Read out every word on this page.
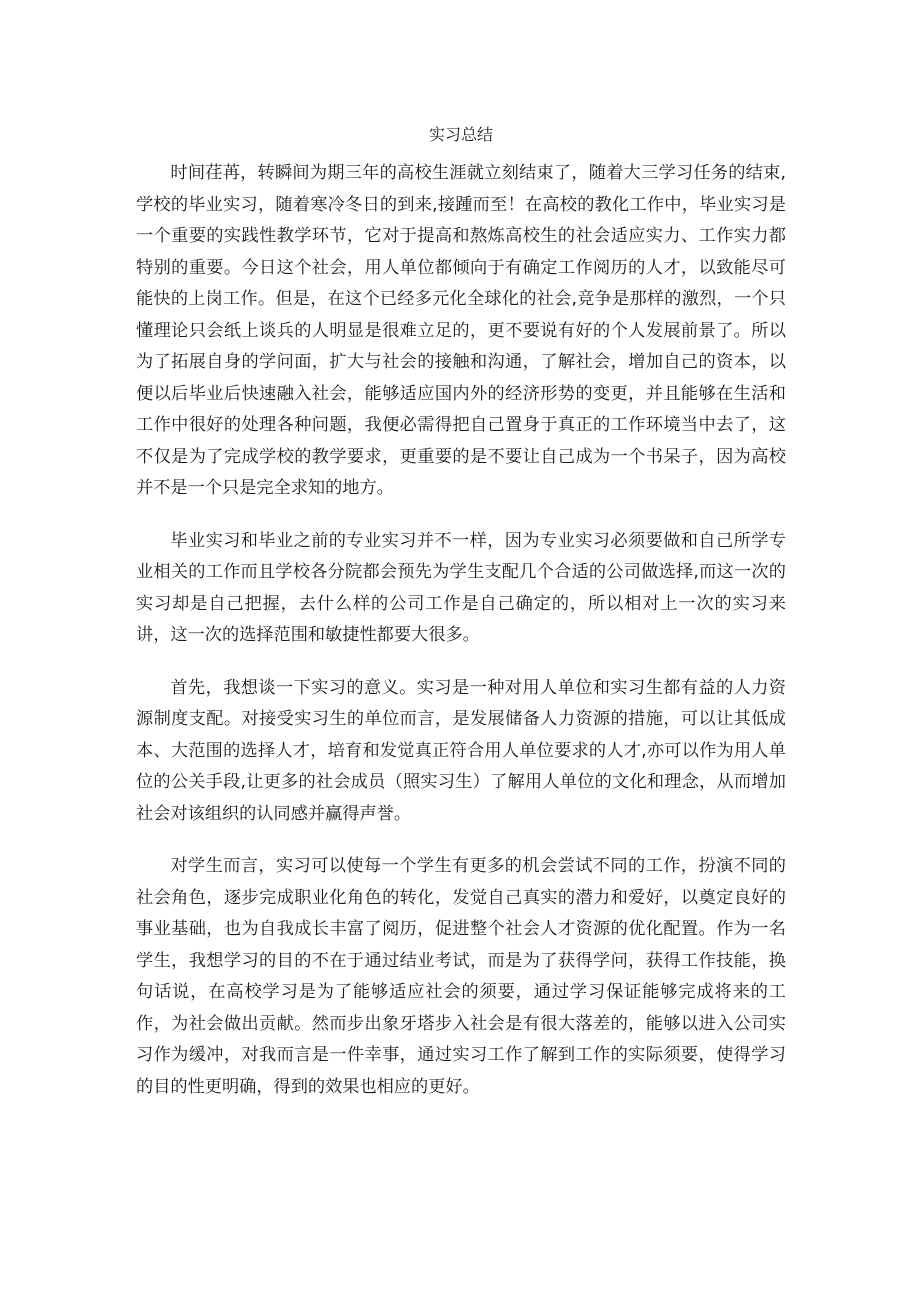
实习总结

时间荏苒，转瞬间为期三年的高校生涯就立刻结束了，随着大三学习任务的结束,学校的毕业实习，随着寒冷冬日的到来,接踵而至！在高校的教化工作中，毕业实习是一个重要的实践性教学环节，它对于提高和熬炼高校生的社会适应实力、工作实力都特别的重要。今日这个社会，用人单位都倾向于有确定工作阅历的人才，以致能尽可能快的上岗工作。但是，在这个已经多元化全球化的社会,竞争是那样的激烈，一个只懂理论只会纸上谈兵的人明显是很难立足的，更不要说有好的个人发展前景了。所以为了拓展自身的学问面，扩大与社会的接触和沟通，了解社会，增加自己的资本，以便以后毕业后快速融入社会，能够适应国内外的经济形势的变更，并且能够在生活和工作中很好的处理各种问题，我便必需得把自己置身于真正的工作环境当中去了，这不仅是为了完成学校的教学要求，更重要的是不要让自己成为一个书呆子，因为高校并不是一个只是完全求知的地方。

毕业实习和毕业之前的专业实习并不一样，因为专业实习必须要做和自己所学专业相关的工作而且学校各分院都会预先为学生支配几个合适的公司做选择,而这一次的实习却是自己把握，去什么样的公司工作是自己确定的，所以相对上一次的实习来讲，这一次的选择范围和敏捷性都要大很多。

首先，我想谈一下实习的意义。实习是一种对用人单位和实习生都有益的人力资源制度支配。对接受实习生的单位而言，是发展储备人力资源的措施，可以让其低成本、大范围的选择人才，培育和发觉真正符合用人单位要求的人才,亦可以作为用人单位的公关手段,让更多的社会成员（照实习生）了解用人单位的文化和理念，从而增加社会对该组织的认同感并赢得声誉。

对学生而言，实习可以使每一个学生有更多的机会尝试不同的工作，扮演不同的社会角色，逐步完成职业化角色的转化，发觉自己真实的潜力和爱好，以奠定良好的事业基础，也为自我成长丰富了阅历，促进整个社会人才资源的优化配置。作为一名学生，我想学习的目的不在于通过结业考试，而是为了获得学问，获得工作技能，换句话说，在高校学习是为了能够适应社会的须要，通过学习保证能够完成将来的工作，为社会做出贡献。然而步出象牙塔步入社会是有很大落差的，能够以进入公司实习作为缓冲，对我而言是一件幸事，通过实习工作了解到工作的实际须要，使得学习的目的性更明确，得到的效果也相应的更好。
